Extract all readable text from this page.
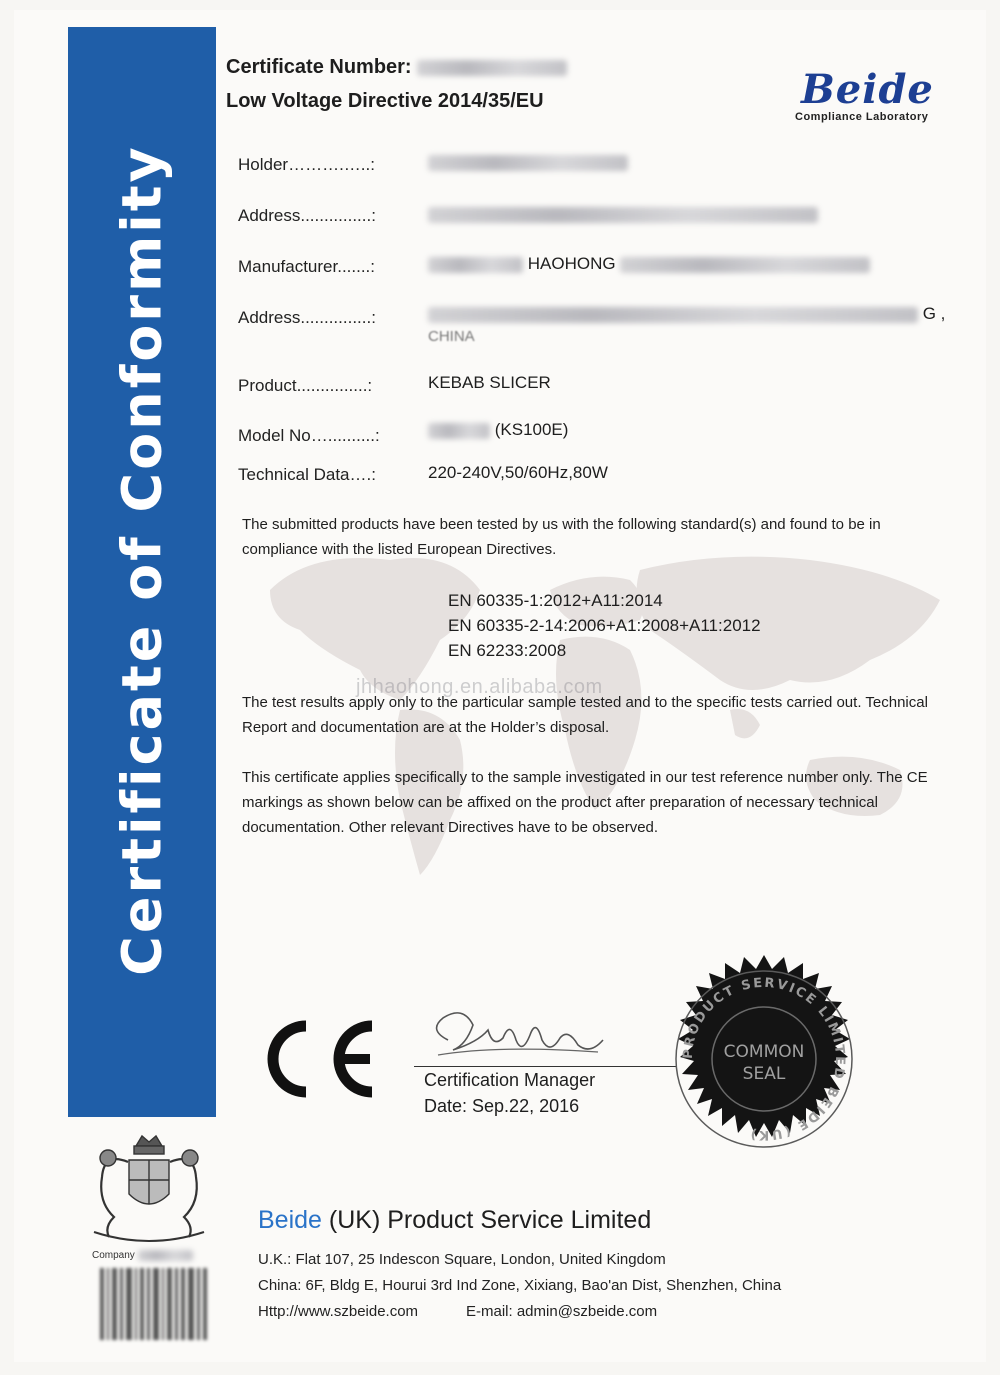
Certificate of Conformity
Certificate Number:
Low Voltage Directive 2014/35/EU	Beide
Compliance Laboratory
Holder……….…..:
Address...............:
Manufacturer.......:	HAOHONG
Address...............:	G ,
CHINA
Product...............:	KEBAB SLICER
Model No…..........:	(KS100E)
Technical Data….:	220-240V,50/60Hz,80W
The submitted products have been tested by us with the following standard(s) and found to be in compliance with the listed European Directives.
EN 60335-1:2012+A11:2014
EN 60335-2-14:2006+A1:2008+A11:2012
EN 62233:2008
jhhaohong.en.alibaba.com
The test results apply only to the particular sample tested and to the specific tests carried out. Technical Report and documentation are at the Holder’s disposal.
This certificate applies specifically to the sample investigated in our test reference number only. The CE markings as shown below can be affixed on the product after preparation of necessary technical documentation. Other relevant Directives have to be observed.
Certification Manager
Date: Sep.22, 2016
PRODUCT SERVICE LIMITED BEIDE (UK)
COMMON
SEAL
Company
Beide (UK) Product Service Limited
U.K.: Flat 107, 25 Indescon Square, London, United Kingdom
China: 6F, Bldg E, Hourui 3rd Ind Zone, Xixiang, Bao'an Dist, Shenzhen, China
Http://www.szbeide.com	E-mail: admin@szbeide.com
